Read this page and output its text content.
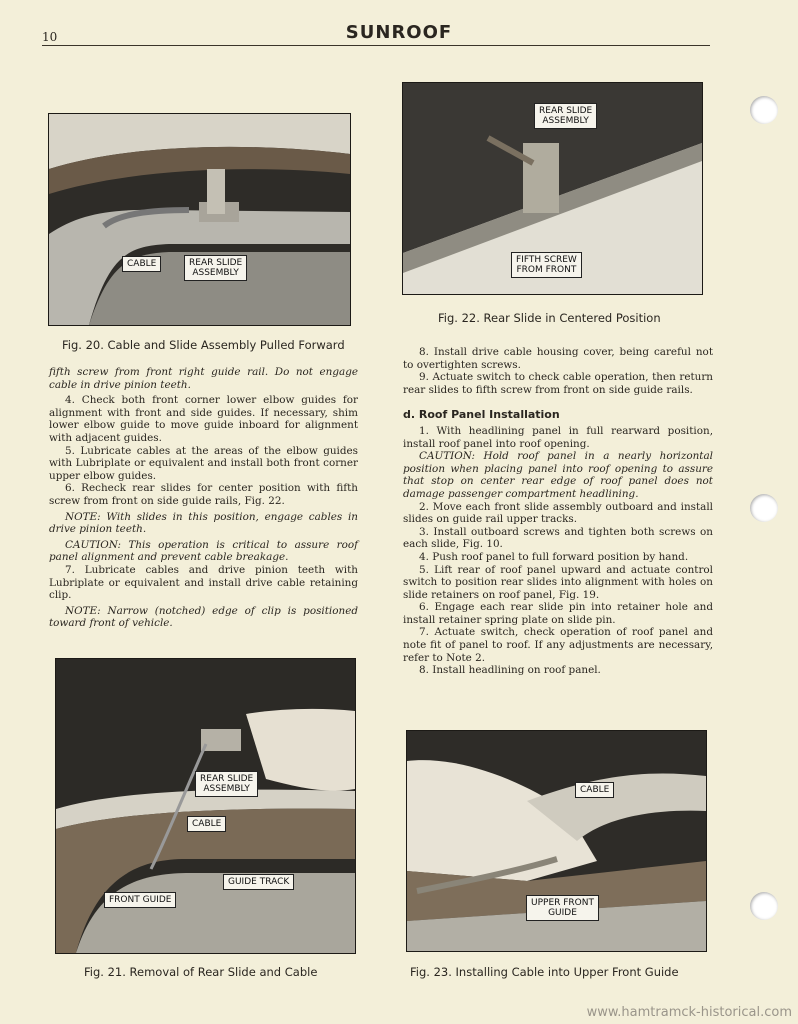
10	SUNROOF
CABLE	REAR SLIDE
ASSEMBLY
Fig. 20. Cable and Slide Assembly Pulled Forward
REAR SLIDE
ASSEMBLY
FIFTH SCREW
FROM FRONT
Fig. 22. Rear Slide in Centered Position

fifth screw from front right guide rail. Do not engage cable in drive pinion teeth.

4. Check both front corner lower elbow guides for alignment with front and side guides. If necessary, shim lower elbow guide to move guide inboard for alignment with adjacent guides.

5. Lubricate cables at the areas of the elbow guides with Lubriplate or equivalent and install both front corner upper elbow guides.

6. Recheck rear slides for center position with fifth screw from front on side guide rails, Fig. 22.

NOTE: With slides in this position, engage cables in drive pinion teeth.

CAUTION: This operation is critical to assure roof panel alignment and prevent cable breakage.

7. Lubricate cables and drive pinion teeth with Lubriplate or equivalent and install drive cable retaining clip.

NOTE: Narrow (notched) edge of clip is positioned toward front of vehicle.

8. Install drive cable housing cover, being careful not to overtighten screws.

9. Actuate switch to check cable operation, then return rear slides to fifth screw from front on side guide rails.

d. Roof Panel Installation

1. With headlining panel in full rearward position, install roof panel into roof opening.

CAUTION: Hold roof panel in a nearly horizontal position when placing panel into roof opening to assure that stop on center rear edge of roof panel does not damage passenger compartment headlining.

2. Move each front slide assembly outboard and install slides on guide rail upper tracks.

3. Install outboard screws and tighten both screws on each slide, Fig. 10.

4. Push roof panel to full forward position by hand.

5. Lift rear of roof panel upward and actuate control switch to position rear slides into alignment with holes on slide retainers on roof panel, Fig. 19.

6. Engage each rear slide pin into retainer hole and install retainer spring plate on slide pin.

7. Actuate switch, check operation of roof panel and note fit of panel to roof. If any adjustments are necessary, refer to Note 2.

8. Install headlining on roof panel.

REAR SLIDE
ASSEMBLY
CABLE
GUIDE TRACK
FRONT GUIDE
Fig. 21. Removal of Rear Slide and Cable
CABLE
UPPER FRONT
GUIDE
Fig. 23. Installing Cable into Upper Front Guide
www.hamtramck-historical.com
